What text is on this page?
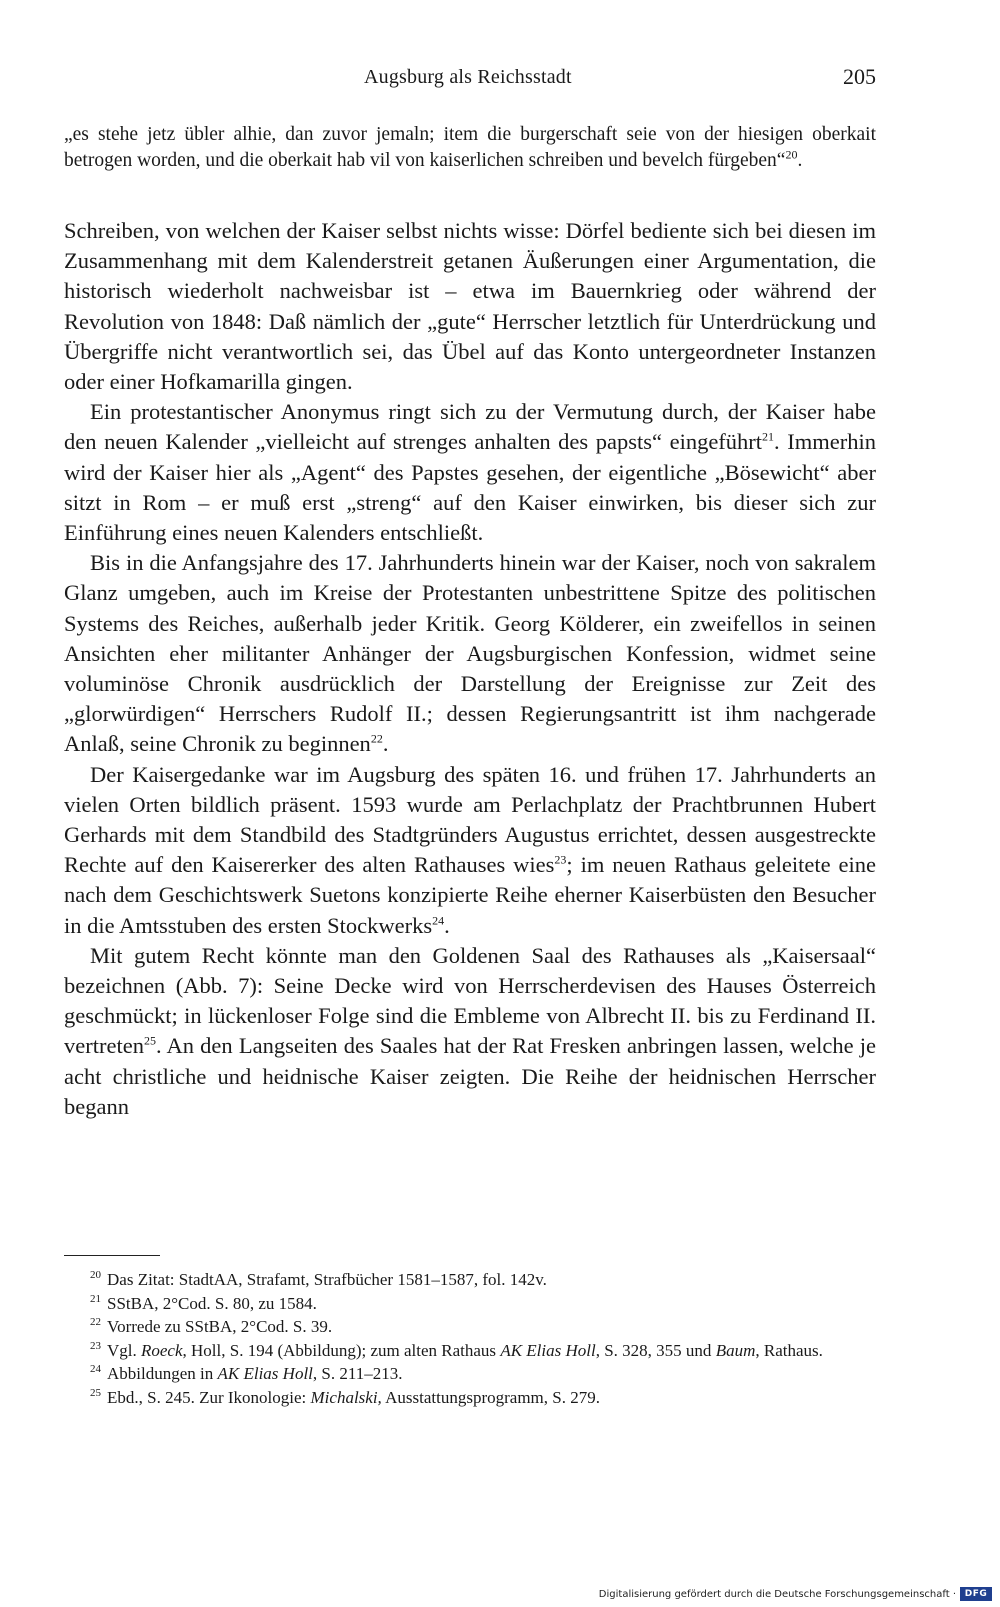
Augsburg als Reichsstadt	205
„es stehe jetz übler alhie, dan zuvor jemaln; item die burgerschaft seie von der hiesigen oberkait betrogen worden, und die oberkait hab vil von kaiserlichen schreiben und bevelch fürgeben“$^{20}$.

Schreiben, von welchen der Kaiser selbst nichts wisse: Dörfel bediente sich bei diesen im Zusammenhang mit dem Kalenderstreit getanen Äußerungen einer Argumentation, die historisch wiederholt nachweisbar ist – etwa im Bauernkrieg oder während der Revolution von 1848: Daß nämlich der „gute“ Herrscher letztlich für Unterdrückung und Übergriffe nicht verantwortlich sei, das Übel auf das Konto untergeordneter Instanzen oder einer Hofkamarilla gingen.

Ein protestantischer Anonymus ringt sich zu der Vermutung durch, der Kaiser habe den neuen Kalender „vielleicht auf strenges anhalten des papsts“ eingeführt$^{21}$. Immerhin wird der Kaiser hier als „Agent“ des Papstes gesehen, der eigentliche „Bösewicht“ aber sitzt in Rom – er muß erst „streng“ auf den Kaiser einwirken, bis dieser sich zur Einführung eines neuen Kalenders entschließt.

Bis in die Anfangsjahre des 17. Jahrhunderts hinein war der Kaiser, noch von sakralem Glanz umgeben, auch im Kreise der Protestanten unbestrittene Spitze des politischen Systems des Reiches, außerhalb jeder Kritik. Georg Kölderer, ein zweifellos in seinen Ansichten eher militanter Anhänger der Augsburgischen Konfession, widmet seine voluminöse Chronik ausdrücklich der Darstellung der Ereignisse zur Zeit des „glorwürdigen“ Herrschers Rudolf II.; dessen Regierungsantritt ist ihm nachgerade Anlaß, seine Chronik zu beginnen$^{22}$.

Der Kaisergedanke war im Augsburg des späten 16. und frühen 17. Jahrhunderts an vielen Orten bildlich präsent. 1593 wurde am Perlachplatz der Prachtbrunnen Hubert Gerhards mit dem Standbild des Stadtgründers Augustus errichtet, dessen ausgestreckte Rechte auf den Kaisererker des alten Rathauses wies$^{23}$; im neuen Rathaus geleitete eine nach dem Geschichtswerk Suetons konzipierte Reihe eherner Kaiserbüsten den Besucher in die Amtsstuben des ersten Stockwerks$^{24}$.

Mit gutem Recht könnte man den Goldenen Saal des Rathauses als „Kaisersaal“ bezeichnen (Abb. 7): Seine Decke wird von Herrscherdevisen des Hauses Österreich geschmückt; in lückenloser Folge sind die Embleme von Albrecht II. bis zu Ferdinand II. vertreten$^{25}$. An den Langseiten des Saales hat der Rat Fresken anbringen lassen, welche je acht christliche und heidnische Kaiser zeigten. Die Reihe der heidnischen Herrscher begann

$^{20}$ Das Zitat: StadtAA, Strafamt, Strafbücher 1581–1587, fol. 142v.

$^{21}$ SStBA, 2°Cod. S. 80, zu 1584.

$^{22}$ Vorrede zu SStBA, 2°Cod. S. 39.

$^{23}$ Vgl. Roeck, Holl, S. 194 (Abbildung); zum alten Rathaus AK Elias Holl, S. 328, 355 und Baum, Rathaus.

$^{24}$ Abbildungen in AK Elias Holl, S. 211–213.

$^{25}$ Ebd., S. 245. Zur Ikonologie: Michalski, Ausstattungsprogramm, S. 279.

Digitalisierung gefördert durch die Deutsche Forschungsgemeinschaft · DFG
